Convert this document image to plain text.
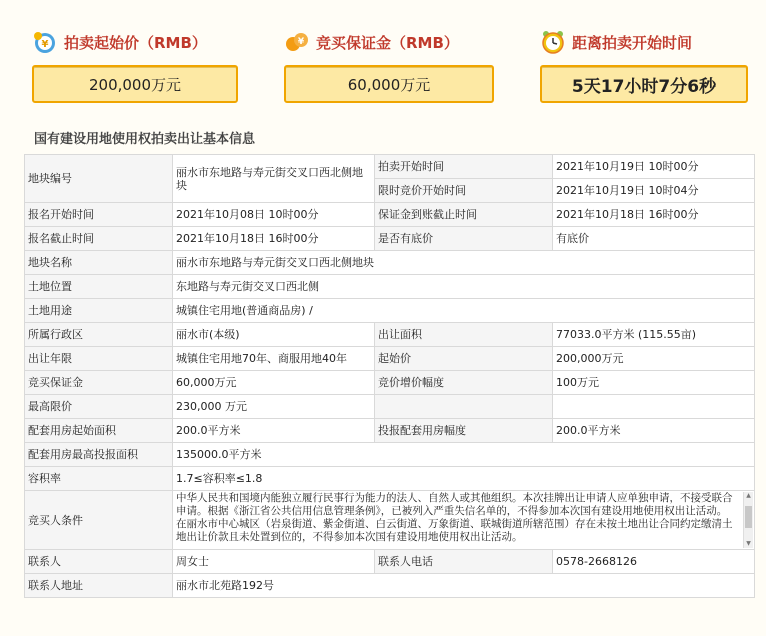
¥ 拍卖起始价（RMB）
200,000万元
¥ 竞买保证金（RMB）
60,000万元
距离拍卖开始时间
5天17小时7分6秒
国有建设用地使用权拍卖出让基本信息
地块编号	丽水市东地路与寿元街交叉口西北侧地块	拍卖开始时间	2021年10月19日 10时00分
		限时竞价开始时间	2021年10月19日 10时04分
报名开始时间	2021年10月08日 10时00分	保证金到账截止时间	2021年10月18日 16时00分
报名截止时间	2021年10月18日 16时00分	是否有底价	有底价
地块名称	丽水市东地路与寿元街交叉口西北侧地块		
土地位置	东地路与寿元街交叉口西北侧		
土地用途	城镇住宅用地(普通商品房) /		
所属行政区	丽水市(本级)	出让面积	77033.0平方米 (115.55亩)
出让年限	城镇住宅用地70年、商服用地40年	起始价	200,000万元
竞买保证金	60,000万元	竞价增价幅度	100万元
最高限价	230,000 万元		
配套用房起始面积	200.0平方米	投报配套用房幅度	200.0平方米
配套用房最高投报面积	135000.0平方米		
容积率	1.7≤容积率≤1.8		
竞买人条件	中华人民共和国境内能独立履行民事行为能力的法人、自然人或其他组织。本次挂牌出让申请人应单独申请，不接受联合申请。根据《浙江省公共信用信息管理条例》，已被列入严重失信名单的，不得参加本次国有建设用地使用权出让活动。在丽水市中心城区（岩泉街道、紫金街道、白云街道、万象街道、联城街道所辖范围）存在未按土地出让合同约定缴清土地出让价款且未处置到位的，不得参加本次国有建设用地使用权出让活动。
▲
▼		

联系人	周女士	联系人电话	0578-2668126
联系人地址	丽水市北苑路192号		
